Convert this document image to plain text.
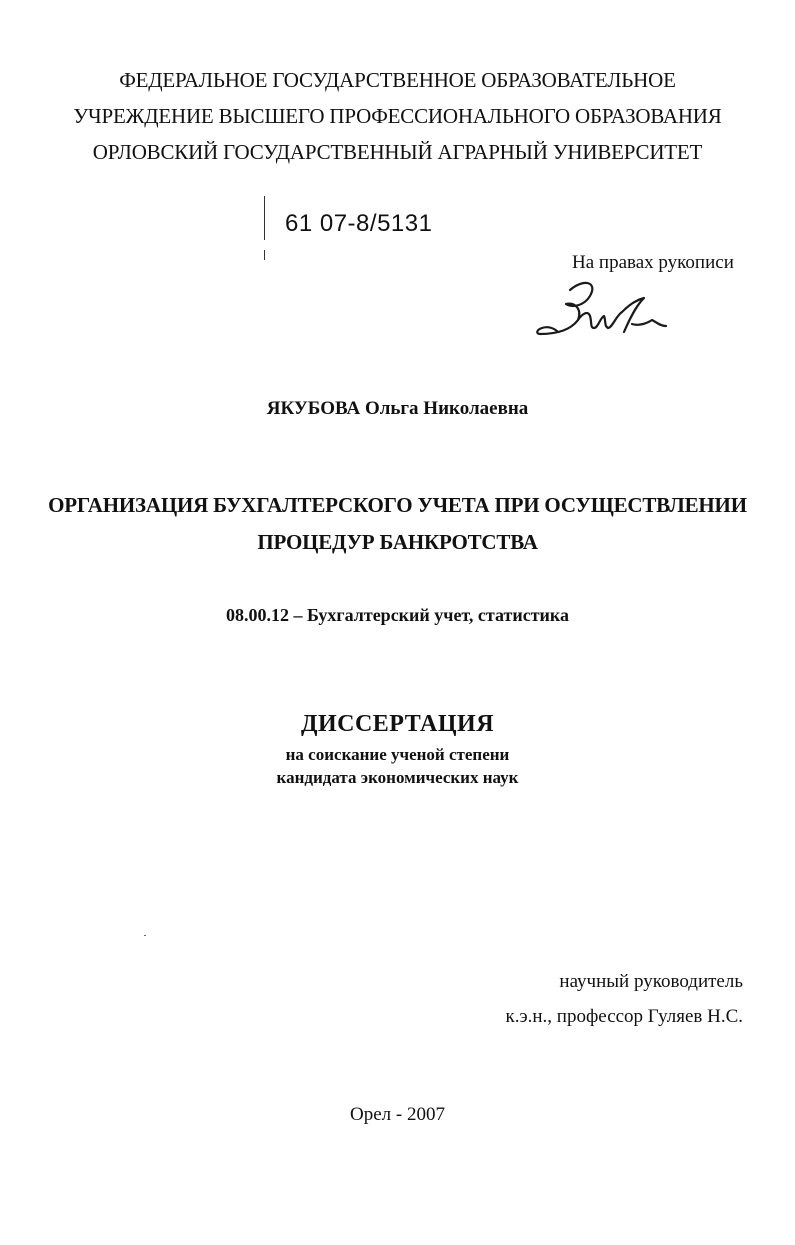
ФЕДЕРАЛЬНОЕ ГОСУДАРСТВЕННОЕ ОБРАЗОВАТЕЛЬНОЕ
УЧРЕЖДЕНИЕ ВЫСШЕГО ПРОФЕССИОНАЛЬНОГО ОБРАЗОВАНИЯ
ОРЛОВСКИЙ ГОСУДАРСТВЕННЫЙ АГРАРНЫЙ УНИВЕРСИТЕТ
61 07-8/5131
На правах рукописи
ЯКУБОВА Ольга Николаевна
ОРГАНИЗАЦИЯ БУХГАЛТЕРСКОГО УЧЕТА ПРИ ОСУЩЕСТВЛЕНИИ
ПРОЦЕДУР БАНКРОТСТВА
08.00.12 – Бухгалтерский учет, статистика
ДИССЕРТАЦИЯ
на соискание ученой степени
кандидата экономических наук
научный руководитель
к.э.н., профессор Гуляев Н.С.
Орел - 2007
